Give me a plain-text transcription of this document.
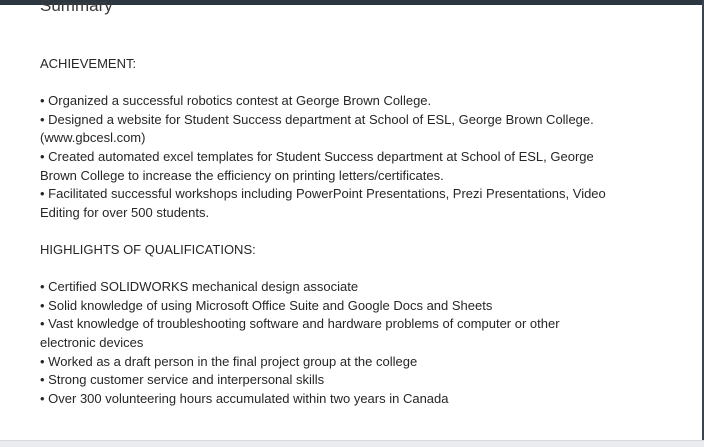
Summary

ACHIEVEMENT:

• Organized a successful robotics contest at George Brown College.

• Designed a website for Student Success department at School of ESL, George Brown College.

(www.gbcesl.com)

• Created automated excel templates for Student Success department at School of ESL, George

Brown College to increase the efficiency on printing letters/certificates.

• Facilitated successful workshops including PowerPoint Presentations, Prezi Presentations, Video

Editing for over 500 students.

HIGHLIGHTS OF QUALIFICATIONS:

• Certified SOLIDWORKS mechanical design associate

• Solid knowledge of using Microsoft Office Suite and Google Docs and Sheets

• Vast knowledge of troubleshooting software and hardware problems of computer or other

electronic devices

• Worked as a draft person in the final project group at the college

• Strong customer service and interpersonal skills

• Over 300 volunteering hours accumulated within two years in Canada
